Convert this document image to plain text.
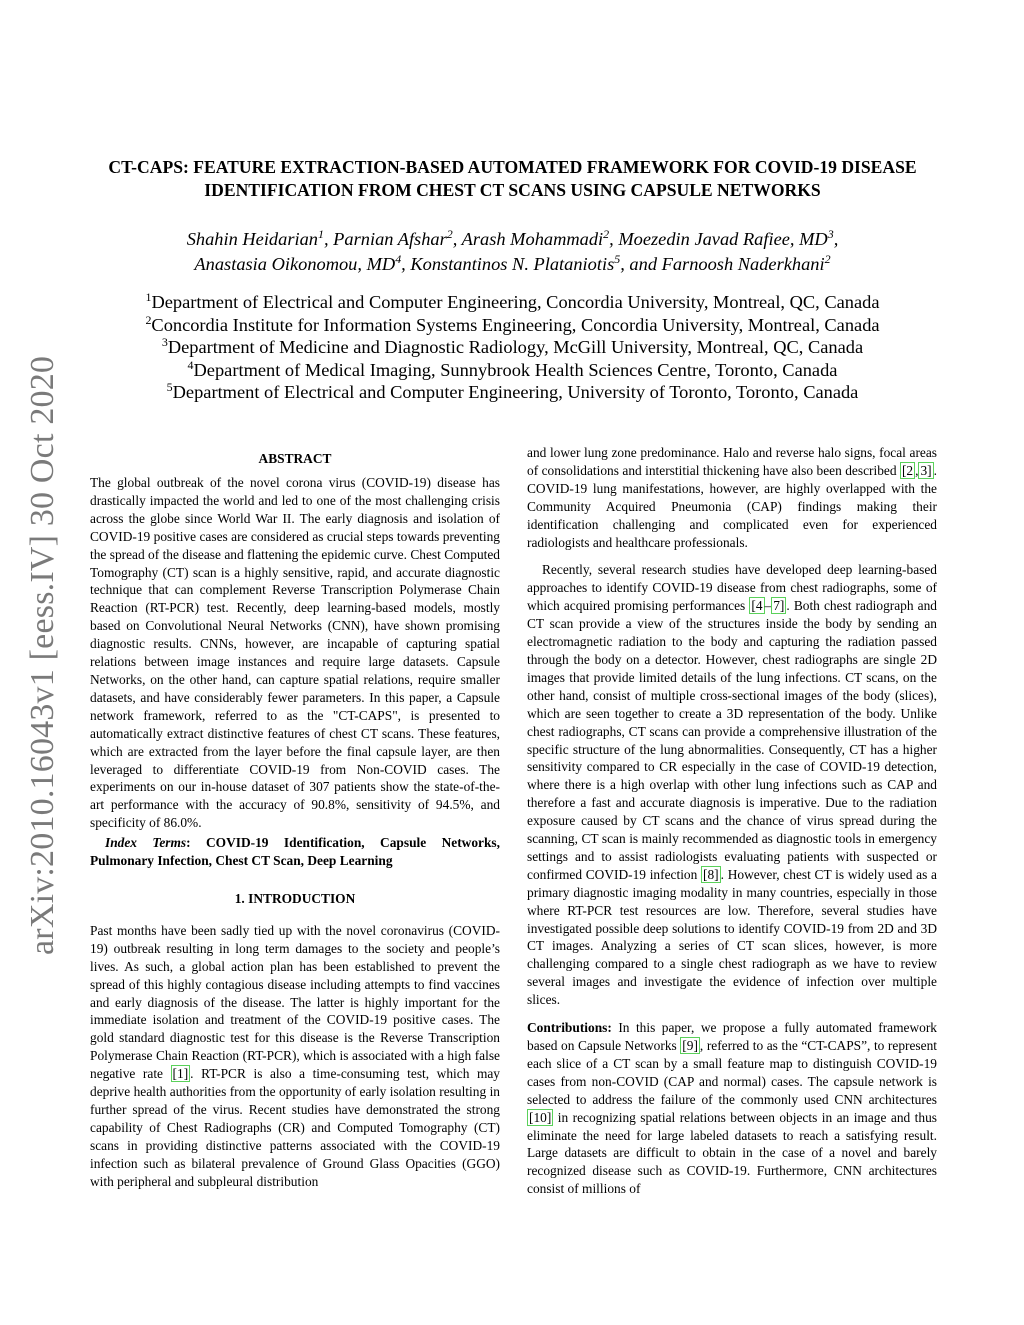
arXiv:2010.16043v1 [eess.IV] 30 Oct 2020
CT-CAPS: FEATURE EXTRACTION-BASED AUTOMATED FRAMEWORK FOR COVID-19 DISEASE IDENTIFICATION FROM CHEST CT SCANS USING CAPSULE NETWORKS
Shahin Heidarian$^1$, Parnian Afshar$^2$, Arash Mohammadi$^2$, Moezedin Javad Rafiee, $MD^3$,
Anastasia Oikonomou, $MD^4$, Konstantinos N. Plataniotis$^5$, and Farnoosh Naderkhani$^2$
$^1$Department of Electrical and Computer Engineering, Concordia University, Montreal, QC, Canada
$^2$Concordia Institute for Information Systems Engineering, Concordia University, Montreal, Canada
$^3$Department of Medicine and Diagnostic Radiology, McGill University, Montreal, QC, Canada
$^4$Department of Medical Imaging, Sunnybrook Health Sciences Centre, Toronto, Canada
$^5$Department of Electrical and Computer Engineering, University of Toronto, Toronto, Canada
ABSTRACT

The global outbreak of the novel corona virus (COVID-19) disease has drastically impacted the world and led to one of the most challenging crisis across the globe since World War II. The early diagnosis and isolation of COVID-19 positive cases are considered as crucial steps towards preventing the spread of the disease and flattening the epidemic curve. Chest Computed Tomography (CT) scan is a highly sensitive, rapid, and accurate diagnostic technique that can complement Reverse Transcription Polymerase Chain Reaction (RT-PCR) test. Recently, deep learning-based models, mostly based on Convolutional Neural Networks (CNN), have shown promising diagnostic results. CNNs, however, are incapable of capturing spatial relations between image instances and require large datasets. Capsule Networks, on the other hand, can capture spatial relations, require smaller datasets, and have considerably fewer parameters. In this paper, a Capsule network framework, referred to as the "CT-CAPS", is presented to automatically extract distinctive features of chest CT scans. These features, which are extracted from the layer before the final capsule layer, are then leveraged to differentiate COVID-19 from Non-COVID cases. The experiments on our in-house dataset of 307 patients show the state-of-the-art performance with the accuracy of 90.8%, sensitivity of 94.5%, and specificity of 86.0%.

Index Terms: COVID-19 Identification, Capsule Networks, Pulmonary Infection, Chest CT Scan, Deep Learning

1. INTRODUCTION

Past months have been sadly tied up with the novel coronavirus (COVID-19) outbreak resulting in long term damages to the society and people’s lives. As such, a global action plan has been established to prevent the spread of this highly contagious disease including attempts to find vaccines and early diagnosis of the disease. The latter is highly important for the immediate isolation and treatment of the COVID-19 positive cases. The gold standard diagnostic test for this disease is the Reverse Transcription Polymerase Chain Reaction (RT-PCR), which is associated with a high false negative rate [1] . RT-PCR is also a time-consuming test, which may deprive health authorities from the opportunity of early isolation resulting in further spread of the virus. Recent studies have demonstrated the strong capability of Chest Radiographs (CR) and Computed Tomography (CT) scans in providing distinctive patterns associated with the COVID-19 infection such as bilateral prevalence of Ground Glass Opacities (GGO) with peripheral and subpleural distribution

and lower lung zone predominance. Halo and reverse halo signs, focal areas of consolidations and interstitial thickening have also been described [2 , 3] . COVID-19 lung manifestations, however, are highly overlapped with the Community Acquired Pneumonia (CAP) findings making their identification challenging and complicated even for experienced radiologists and healthcare professionals.

Recently, several research studies have developed deep learning-based approaches to identify COVID-19 disease from chest radiographs, some of which acquired promising performances [4 – 7] . Both chest radiograph and CT scan provide a view of the structures inside the body by sending an electromagnetic radiation to the body and capturing the radiation passed through the body on a detector. However, chest radiographs are single 2D images that provide limited details of the lung infections. CT scans, on the other hand, consist of multiple cross-sectional images of the body (slices), which are seen together to create a 3D representation of the body. Unlike chest radiographs, CT scans can provide a comprehensive illustration of the specific structure of the lung abnormalities. Consequently, CT has a higher sensitivity compared to CR especially in the case of COVID-19 detection, where there is a high overlap with other lung infections such as CAP and therefore a fast and accurate diagnosis is imperative. Due to the radiation exposure caused by CT scans and the chance of virus spread during the scanning, CT scan is mainly recommended as diagnostic tools in emergency settings and to assist radiologists evaluating patients with suspected or confirmed COVID-19 infection [8] . However, chest CT is widely used as a primary diagnostic imaging modality in many countries, especially in those where RT-PCR test resources are low. Therefore, several studies have investigated possible deep solutions to identify COVID-19 from 2D and 3D CT images. Analyzing a series of CT scan slices, however, is more challenging compared to a single chest radiograph as we have to review several images and investigate the evidence of infection over multiple slices.

Contributions: In this paper, we propose a fully automated framework based on Capsule Networks [9] , referred to as the “CT-CAPS”, to represent each slice of a CT scan by a small feature map to distinguish COVID-19 cases from non-COVID (CAP and normal) cases. The capsule network is selected to address the failure of the commonly used CNN architectures [10] in recognizing spatial relations between objects in an image and thus eliminate the need for large labeled datasets to reach a satisfying result. Large datasets are difficult to obtain in the case of a novel and barely recognized disease such as COVID-19. Furthermore, CNN architectures consist of millions of
